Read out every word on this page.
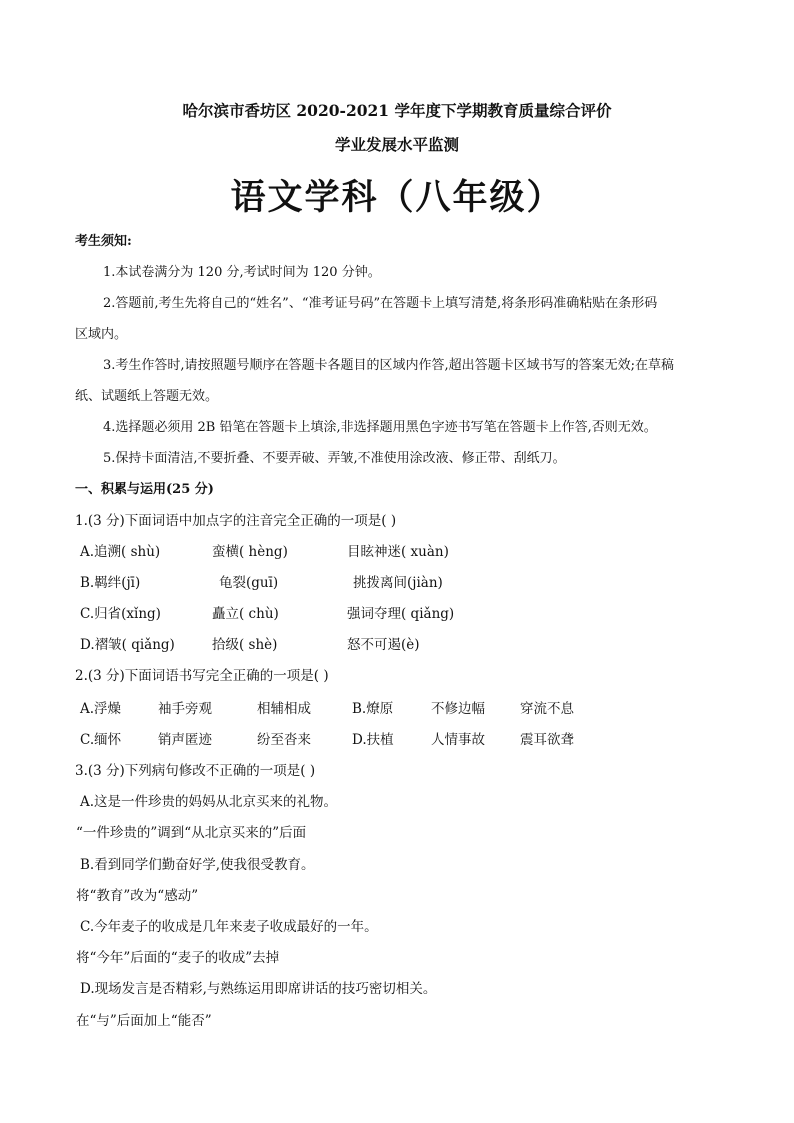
哈尔滨市香坊区 2020-2021 学年度下学期教育质量综合评价
学业发展水平监测
语文学科（八年级）
考生须知:
1.本试卷满分为 120 分,考试时间为 120 分钟。
2.答题前,考生先将自己的“姓名”、“准考证号码”在答题卡上填写清楚,将条形码准确粘贴在条形码
区域内。
3.考生作答时,请按照题号顺序在答题卡各题目的区域内作答,超出答题卡区域书写的答案无效;在草稿
纸、试题纸上答题无效。
4.选择题必须用 2B 铅笔在答题卡上填涂,非选择题用黑色字迹书写笔在答题卡上作答,否则无效。
5.保持卡面清洁,不要折叠、不要弄破、弄皱,不准使用涂改液、修正带、刮纸刀。
一、积累与运用(25 分)
1.(3 分)下面词语中加点字的注音完全正确的一项是( )
A.追溯( shù)	蛮横( hèng)	目眩神迷( xuàn)
B.羁绊(jī)	龟裂(guī)	挑拨离间(jiàn)
C.归省(xǐng)	矗立( chù)	强词夺理( qiǎng)
D.褶皱( qiǎng)	拾级( shè)	怒不可遏(è)
2.(3 分)下面词语书写完全正确的一项是( )
A.浮燥	袖手旁观	相辅相成	B.燎原	不修边幅	穿流不息
C.缅怀	销声匿迹	纷至沓来	D.扶植	人情事故	震耳欲聋
3.(3 分)下列病句修改不正确的一项是( )
A.这是一件珍贵的妈妈从北京买来的礼物。
“一件珍贵的”调到“从北京买来的”后面
B.看到同学们勤奋好学,使我很受教育。
将“教育”改为“感动”
C.今年麦子的收成是几年来麦子收成最好的一年。
将“今年”后面的“麦子的收成”去掉
D.现场发言是否精彩,与熟练运用即席讲话的技巧密切相关。
在“与”后面加上“能否”
